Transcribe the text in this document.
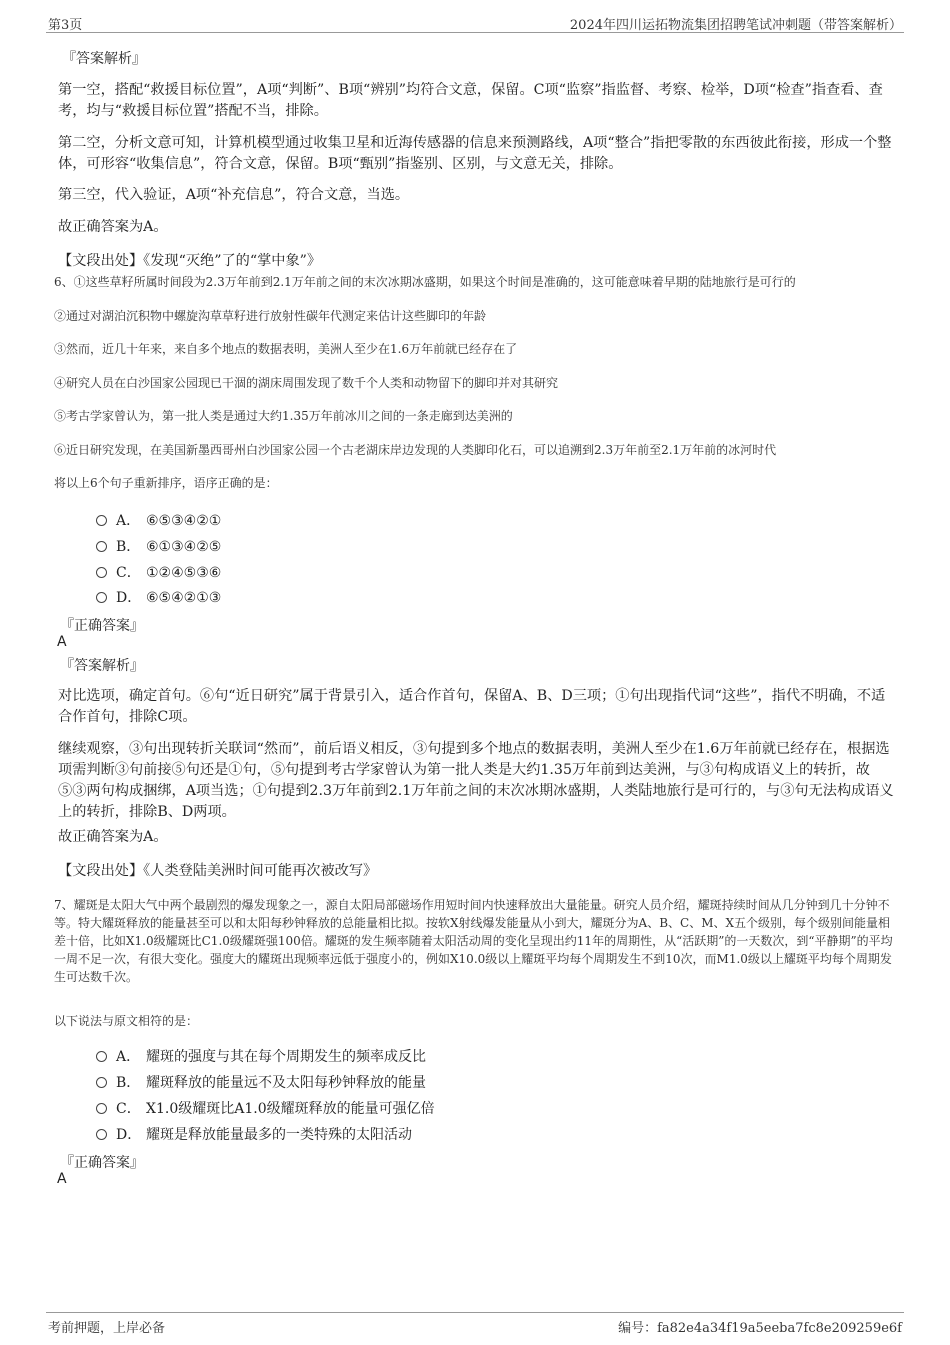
第3页	2024年四川运拓物流集团招聘笔试冲刺题（带答案解析）
『答案解析』
第一空，搭配“救援目标位置”，A项“判断”、B项“辨别”均符合文意，保留。C项“监察”指监督、考察、检举，D项“检查”指查看、查考，均与“救援目标位置”搭配不当，排除。
第二空，分析文意可知，计算机模型通过收集卫星和近海传感器的信息来预测路线，A项“整合”指把零散的东西彼此衔接，形成一个整体，可形容“收集信息”，符合文意，保留。B项“甄别”指鉴别、区别，与文意无关，排除。
第三空，代入验证，A项“补充信息”，符合文意，当选。
故正确答案为A。
【文段出处】《发现“灭绝”了的“掌中象”》
6、①这些草籽所属时间段为2.3万年前到2.1万年前之间的末次冰期冰盛期，如果这个时间是准确的，这可能意味着早期的陆地旅行是可行的
②通过对湖泊沉积物中螺旋沟草草籽进行放射性碳年代测定来估计这些脚印的年龄
③然而，近几十年来，来自多个地点的数据表明，美洲人至少在1.6万年前就已经存在了
④研究人员在白沙国家公园现已干涸的湖床周围发现了数千个人类和动物留下的脚印并对其研究
⑤考古学家曾认为，第一批人类是通过大约1.35万年前冰川之间的一条走廊到达美洲的
⑥近日研究发现，在美国新墨西哥州白沙国家公园一个古老湖床岸边发现的人类脚印化石，可以追溯到2.3万年前至2.1万年前的冰河时代
将以上6个句子重新排序，语序正确的是：
A． ⑥⑤③④②①
B． ⑥①③④②⑤
C． ①②④⑤③⑥
D． ⑥⑤④②①③
『正确答案』
A
『答案解析』
对比选项，确定首句。⑥句“近日研究”属于背景引入，适合作首句，保留A、B、D三项；①句出现指代词“这些”，指代不明确，不适合作首句，排除C项。
继续观察，③句出现转折关联词“然而”，前后语义相反，③句提到多个地点的数据表明，美洲人至少在1.6万年前就已经存在，根据选项需判断③句前接⑤句还是①句，⑤句提到考古学家曾认为第一批人类是大约1.35万年前到达美洲，与③句构成语义上的转折，故⑤③两句构成捆绑，A项当选；①句提到2.3万年前到2.1万年前之间的末次冰期冰盛期，人类陆地旅行是可行的，与③句无法构成语义上的转折，排除B、D两项。
故正确答案为A。
【文段出处】《人类登陆美洲时间可能再次被改写》
7、耀斑是太阳大气中两个最剧烈的爆发现象之一，源自太阳局部磁场作用短时间内快速释放出大量能量。研究人员介绍，耀斑持续时间从几分钟到几十分钟不等。特大耀斑释放的能量甚至可以和太阳每秒钟释放的总能量相比拟。按软X射线爆发能量从小到大，耀斑分为A、B、C、M、X五个级别，每个级别间能量相差十倍，比如X1.0级耀斑比C1.0级耀斑强100倍。耀斑的发生频率随着太阳活动周的变化呈现出约11年的周期性，从“活跃期”的一天数次，到“平静期”的平均一周不足一次，有很大变化。强度大的耀斑出现频率远低于强度小的，例如X10.0级以上耀斑平均每个周期发生不到10次，而M1.0级以上耀斑平均每个周期发生可达数千次。
以下说法与原文相符的是：
A． 耀斑的强度与其在每个周期发生的频率成反比
B． 耀斑释放的能量远不及太阳每秒钟释放的能量
C． X1.0级耀斑比A1.0级耀斑释放的能量可强亿倍
D． 耀斑是释放能量最多的一类特殊的太阳活动
『正确答案』
A
考前押题，上岸必备	编号：fa82e4a34f19a5eeba7fc8e209259e6f
